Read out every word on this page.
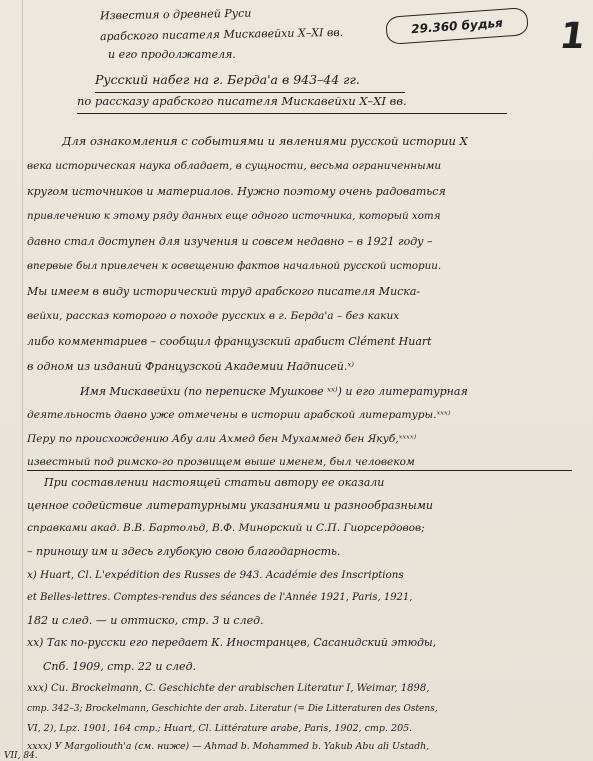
29.360 будья	1
Известия о древней Руси
арабского писателя Мискавейхи X–XI вв.
и его продолжателя.
Русский набег на г. Берда'а в 943–44 гг.
по рассказу арабского писателя Мискавейхи X–XI вв.
Для ознакомления с событиями и явлениями русской истории X
века историческая наука обладает, в сущности, весьма ограниченными
кругом источников и материалов. Нужно поэтому очень радоваться
привлечению к этому ряду данных еще одного источника, который хотя
давно стал доступен для изучения и совсем недавно – в 1921 году –
впервые был привлечен к освещению фактов начальной русской истории.
Мы имеем в виду исторический труд арабского писателя Миска-
вейхи, рассказ которого о походе русских в г. Берда'а – без каких
либо комментариев – сообщил французский арабист Clément Huart
в одном из изданий Французской Академии Надписей.ˣ⁾
Имя Мискавейхи (по переписке Мушкове ˣˣ⁾) и его литературная
деятельность давно уже отмечены в истории арабской литературы.ˣˣˣ⁾
Перу по происхождению Абу али Ахмед бен Мухаммед бен Якуб,ˣˣˣˣ⁾
известный под римско-го прозвищем выше именем, был человеком
При составлении настоящей статьи автору ее оказали
ценное содействие литературными указаниями и разнообразными
справками акад. В.В. Бартольд, В.Ф. Минорский и С.П. Гиорсердовов;
– приношу им и здесь глубокую свою благодарность.
x) Huart, Cl. L'expédition des Russes de 943. Académie des Inscriptions
et Belles-lettres. Comptes-rendus des séances de l'Année 1921, Paris, 1921,
182 и след. — и оттиско, стр. 3 и след.
xx) Так по-русски его передает К. Иностранцев, Сасанидский этюды,
Спб. 1909, стр. 22 и след.
xxx) Cu. Brockelmann, C. Geschichte der arabischen Literatur I, Weimar, 1898,
стр. 342–3; Brockelmann, Geschichte der arab. Literatur (= Die Litteraturen des Ostens,
VI, 2), Lpz. 1901, 164 стр.; Huart, Cl. Littérature arabe, Paris, 1902, стр. 205.
xxxx) У Margoliouth'а (см. ниже) — Ahmad b. Mohammed b. Yakub Abu ali Ustadh,
VII, 84.
